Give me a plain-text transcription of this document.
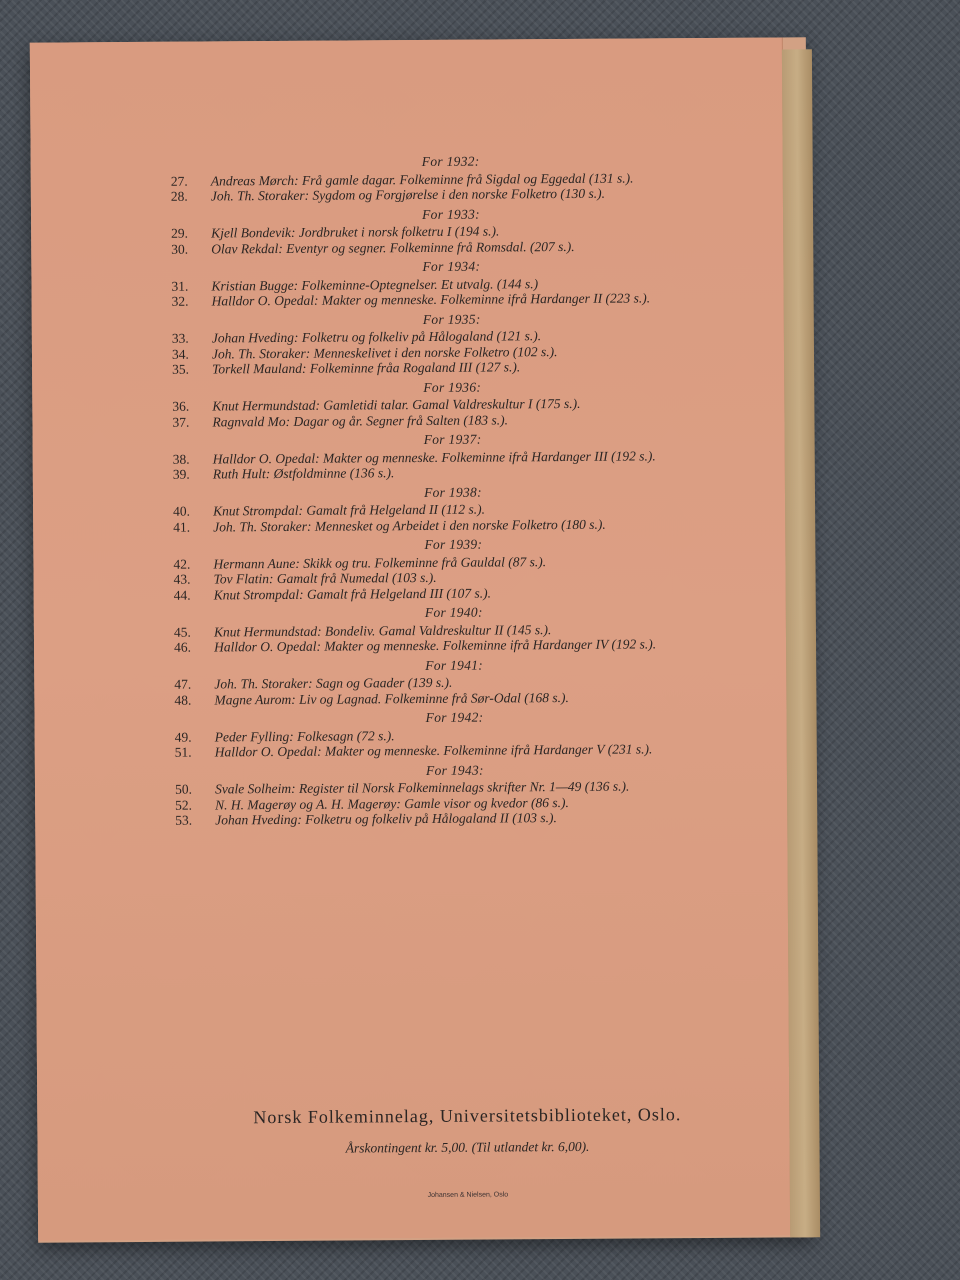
For 1932:
27.	Andreas Mørch: Frå gamle dagar. Folkeminne frå Sigdal og Eggedal (131 s.).
28.	Joh. Th. Storaker: Sygdom og Forgjørelse i den norske Folketro (130 s.).
For 1933:
29.	Kjell Bondevik: Jordbruket i norsk folketru I (194 s.).
30.	Olav Rekdal: Eventyr og segner. Folkeminne frå Romsdal. (207 s.).
For 1934:
31.	Kristian Bugge: Folkeminne-Optegnelser. Et utvalg. (144 s.)
32.	Halldor O. Opedal: Makter og menneske. Folkeminne ifrå Hardanger II (223 s.).
For 1935:
33.	Johan Hveding: Folketru og folkeliv på Hålogaland (121 s.).
34.	Joh. Th. Storaker: Menneskelivet i den norske Folketro (102 s.).
35.	Torkell Mauland: Folkeminne fråa Rogaland III (127 s.).
For 1936:
36.	Knut Hermundstad: Gamletidi talar. Gamal Valdreskultur I (175 s.).
37.	Ragnvald Mo: Dagar og år. Segner frå Salten (183 s.).
For 1937:
38.	Halldor O. Opedal: Makter og menneske. Folkeminne ifrå Hardanger III (192 s.).
39.	Ruth Hult: Østfoldminne (136 s.).
For 1938:
40.	Knut Strompdal: Gamalt frå Helgeland II (112 s.).
41.	Joh. Th. Storaker: Mennesket og Arbeidet i den norske Folketro (180 s.).
For 1939:
42.	Hermann Aune: Skikk og tru. Folkeminne frå Gauldal (87 s.).
43.	Tov Flatin: Gamalt frå Numedal (103 s.).
44.	Knut Strompdal: Gamalt frå Helgeland III (107 s.).
For 1940:
45.	Knut Hermundstad: Bondeliv. Gamal Valdreskultur II (145 s.).
46.	Halldor O. Opedal: Makter og menneske. Folkeminne ifrå Hardanger IV (192 s.).
For 1941:
47.	Joh. Th. Storaker: Sagn og Gaader (139 s.).
48.	Magne Aurom: Liv og Lagnad. Folkeminne frå Sør-Odal (168 s.).
For 1942:
49.	Peder Fylling: Folkesagn (72 s.).
51.	Halldor O. Opedal: Makter og menneske. Folkeminne ifrå Hardanger V (231 s.).
For 1943:
50.	Svale Solheim: Register til Norsk Folkeminnelags skrifter Nr. 1—49 (136 s.).
52.	N. H. Magerøy og A. H. Magerøy: Gamle visor og kvedor (86 s.).
53.	Johan Hveding: Folketru og folkeliv på Hålogaland II (103 s.).
Norsk Folkeminnelag, Universitetsbiblioteket, Oslo.
Årskontingent kr. 5,00. (Til utlandet kr. 6,00).
Johansen & Nielsen, Oslo
